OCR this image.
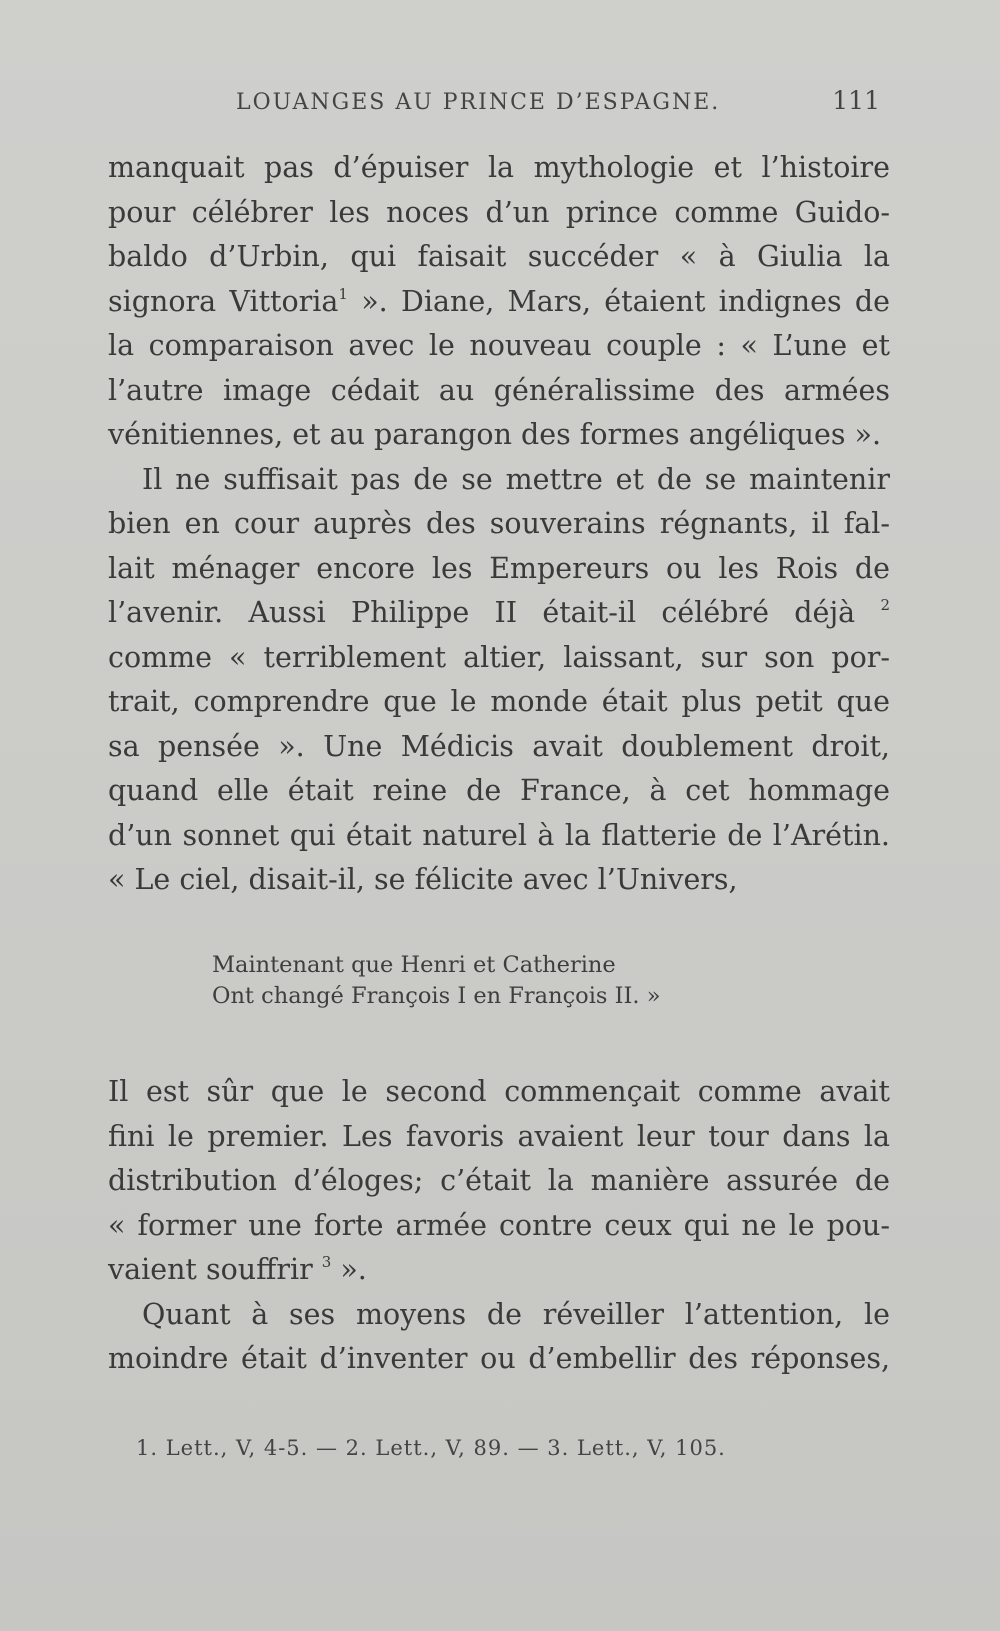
LOUANGES AU PRINCE D’ESPAGNE.	111
manquait pas d’épuiser la mythologie et l’histoire
pour célébrer les noces d’un prince comme Guido-
baldo d’Urbin, qui faisait succéder « à Giulia la
signora Vittoria$^1$ ». Diane, Mars, étaient indignes de
la comparaison avec le nouveau couple : « L’une et
l’autre image cédait au généralissime des armées
vénitiennes, et au parangon des formes angéliques ».
Il ne suffisait pas de se mettre et de se maintenir
bien en cour auprès des souverains régnants, il fal-
lait ménager encore les Empereurs ou les Rois de
l’avenir. Aussi Philippe II était-il célébré déjà $^2$
comme « terriblement altier, laissant, sur son por-
trait, comprendre que le monde était plus petit que
sa pensée ». Une Médicis avait doublement droit,
quand elle était reine de France, à cet hommage
d’un sonnet qui était naturel à la flatterie de l’Arétin.
« Le ciel, disait-il, se félicite avec l’Univers,
Maintenant que Henri et Catherine
Ont changé François I en François II. »
Il est sûr que le second commençait comme avait
fini le premier. Les favoris avaient leur tour dans la
distribution d’éloges; c’était la manière assurée de
« former une forte armée contre ceux qui ne le pou-
vaient souffrir $^3$ ».
Quant à ses moyens de réveiller l’attention, le
moindre était d’inventer ou d’embellir des réponses,
1. Lett., V, 4-5. — 2. Lett., V, 89. — 3. Lett., V, 105.
